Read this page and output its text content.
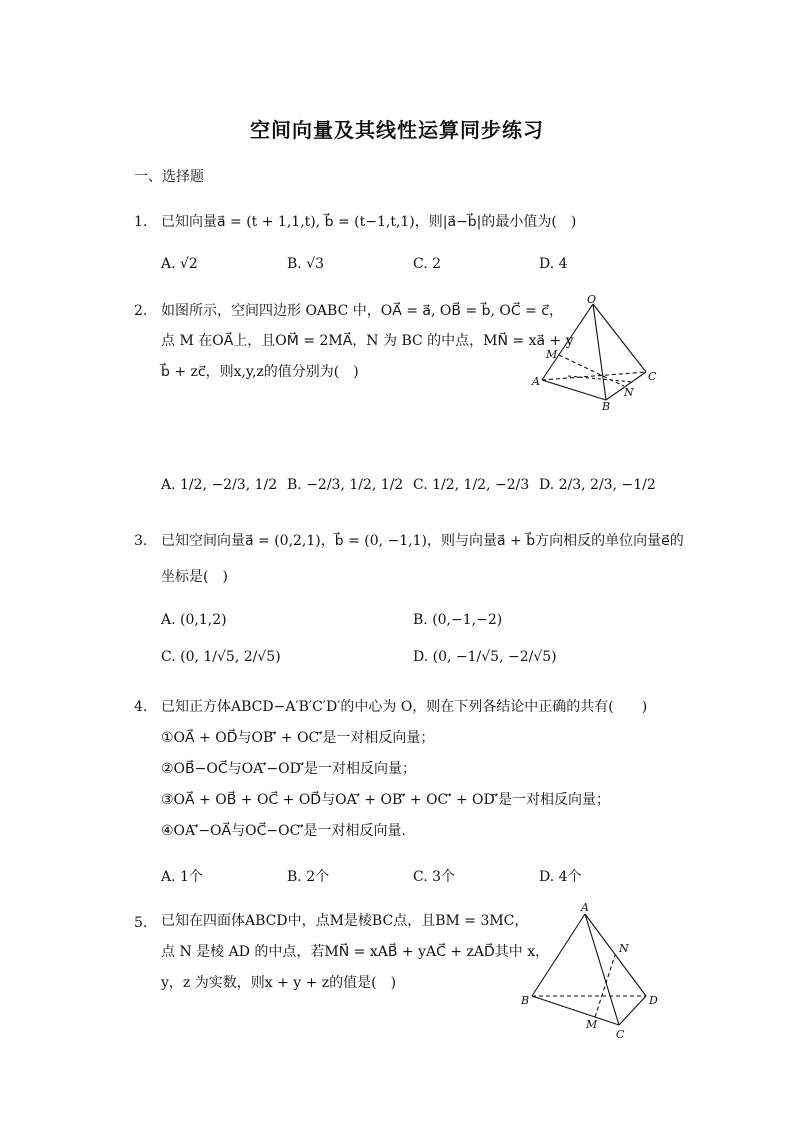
空间向量及其线性运算同步练习
一、选择题
1. 已知向量a⃗ = (t + 1,1,t), b⃗ = (t−1,t,1)，则|a⃗−b⃗|的最小值为(　)
A. √2	B. √3	C. 2	D. 4
2. 如图所示，空间四边形 OABC 中，OA⃗ = a⃗, OB⃗ = b⃗, OC⃗ = c⃗，
点 M 在OA⃗上，且OM⃗ = 2MA⃗，N 为 BC 的中点，MN⃗ = xa⃗ + y
b⃗ + zc⃗，则x,y,z的值分别为(　)
O
M
A
B
N
C
A. 1/2, −2/3, 1/2 B. −2/3, 1/2, 1/2 C. 1/2, 1/2, −2/3 D. 2/3, 2/3, −1/2
3. 已知空间向量a⃗ = (0,2,1)，b⃗ = (0, −1,1)，则与向量a⃗ + b⃗方向相反的单位向量e⃗的
坐标是(　)
A. (0,1,2)	B. (0,−1,−2)
C. (0, 1/√5, 2/√5)	D. (0, −1/√5, −2/√5)
4. 已知正方体ABCD−A′B′C′D′的中心为 O，则在下列各结论中正确的共有(　　)
①OA⃗ + OD⃗与OB′⃗ + OC′⃗是一对相反向量；
②OB⃗−OC⃗与OA′⃗−OD′⃗是一对相反向量；
③OA⃗ + OB⃗ + OC⃗ + OD⃗与OA′⃗ + OB′⃗ + OC′⃗ + OD′⃗是一对相反向量；
④OA′⃗−OA⃗与OC⃗−OC′⃗是一对相反向量．
A. 1个	B. 2个	C. 3个	D. 4个
5. 已知在四面体ABCD中，点M是棱BC点，且BM = 3MC，
点 N 是棱 AD 的中点，若MN⃗ = xAB⃗ + yAC⃗ + zAD⃗其中 x，
y，z 为实数，则x + y + z的值是(　)
A
N
B	D
M
C
